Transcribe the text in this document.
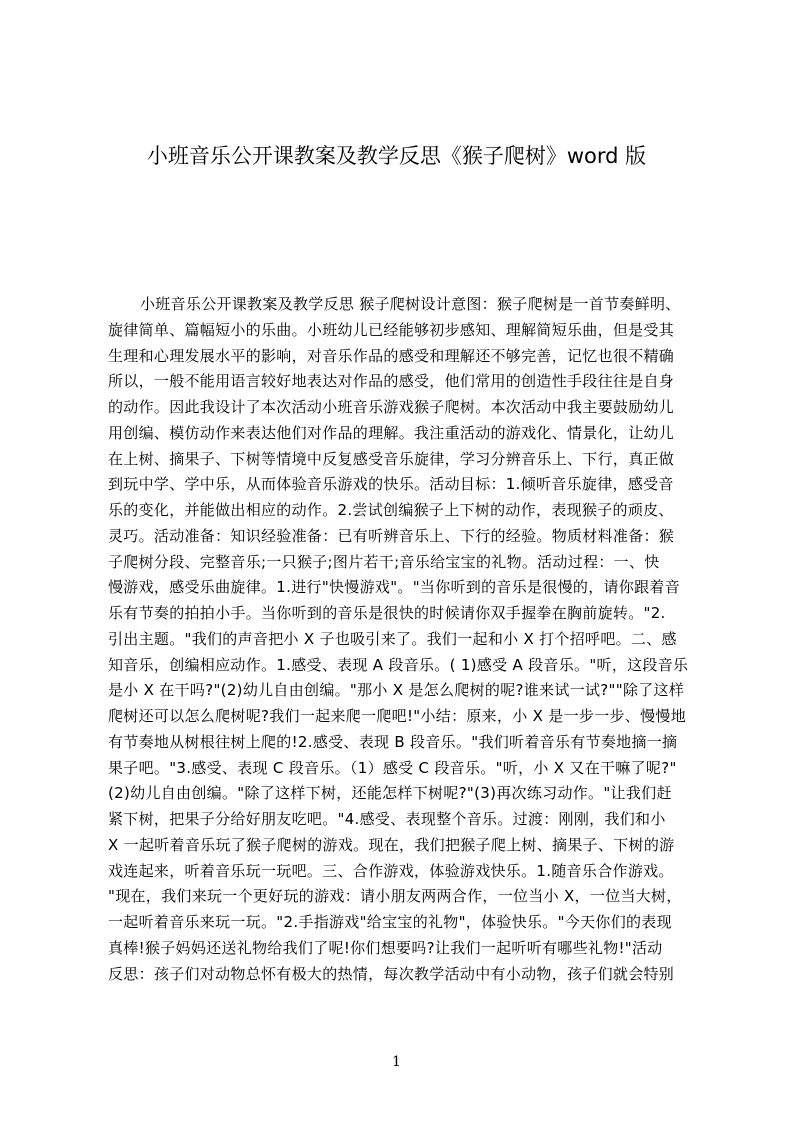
小班音乐公开课教案及教学反思《猴子爬树》word 版
小班音乐公开课教案及教学反思 猴子爬树设计意图：猴子爬树是一首节奏鲜明、
旋律简单、篇幅短小的乐曲。小班幼儿已经能够初步感知、理解简短乐曲，但是受其
生理和心理发展水平的影响，对音乐作品的感受和理解还不够完善，记忆也很不精确
所以，一般不能用语言较好地表达对作品的感受，他们常用的创造性手段往往是自身
的动作。因此我设计了本次活动小班音乐游戏猴子爬树。本次活动中我主要鼓励幼儿
用创编、模仿动作来表达他们对作品的理解。我注重活动的游戏化、情景化，让幼儿
在上树、摘果子、下树等情境中反复感受音乐旋律，学习分辨音乐上、下行，真正做
到玩中学、学中乐，从而体验音乐游戏的快乐。活动目标：1.倾听音乐旋律，感受音
乐的变化，并能做出相应的动作。2.尝试创编猴子上下树的动作，表现猴子的顽皮、
灵巧。活动准备：知识经验准备：已有听辨音乐上、下行的经验。物质材料准备：猴
子爬树分段、完整音乐;一只猴子;图片若干;音乐给宝宝的礼物。活动过程：一、快
慢游戏，感受乐曲旋律。1.进行"快慢游戏"。"当你听到的音乐是很慢的，请你跟着音
乐有节奏的拍拍小手。当你听到的音乐是很快的时候请你双手握拳在胸前旋转。"2.
引出主题。"我们的声音把小 X 子也吸引来了。我们一起和小 X 打个招呼吧。二、感
知音乐，创编相应动作。1.感受、表现 A 段音乐。( 1)感受 A 段音乐。"听，这段音乐
是小 X 在干吗?"(2)幼儿自由创编。"那小 X 是怎么爬树的呢?谁来试一试?""除了这样
爬树还可以怎么爬树呢?我们一起来爬一爬吧!"小结：原来，小 X 是一步一步、慢慢地
有节奏地从树根往树上爬的!2.感受、表现 B 段音乐。"我们听着音乐有节奏地摘一摘
果子吧。"3.感受、表现 C 段音乐。（1）感受 C 段音乐。"听，小 X 又在干嘛了呢?"
(2)幼儿自由创编。"除了这样下树，还能怎样下树呢?"(3)再次练习动作。"让我们赶
紧下树，把果子分给好朋友吃吧。"4.感受、表现整个音乐。过渡：刚刚，我们和小
X 一起听着音乐玩了猴子爬树的游戏。现在，我们把猴子爬上树、摘果子、下树的游
戏连起来，听着音乐玩一玩吧。三、合作游戏，体验游戏快乐。1.随音乐合作游戏。
"现在，我们来玩一个更好玩的游戏：请小朋友两两合作，一位当小 X，一位当大树，
一起听着音乐来玩一玩。"2.手指游戏"给宝宝的礼物"，体验快乐。"今天你们的表现
真棒!猴子妈妈还送礼物给我们了呢!你们想要吗?让我们一起听听有哪些礼物!"活动
反思：孩子们对动物总怀有极大的热情，每次教学活动中有小动物，孩子们就会特别
1
